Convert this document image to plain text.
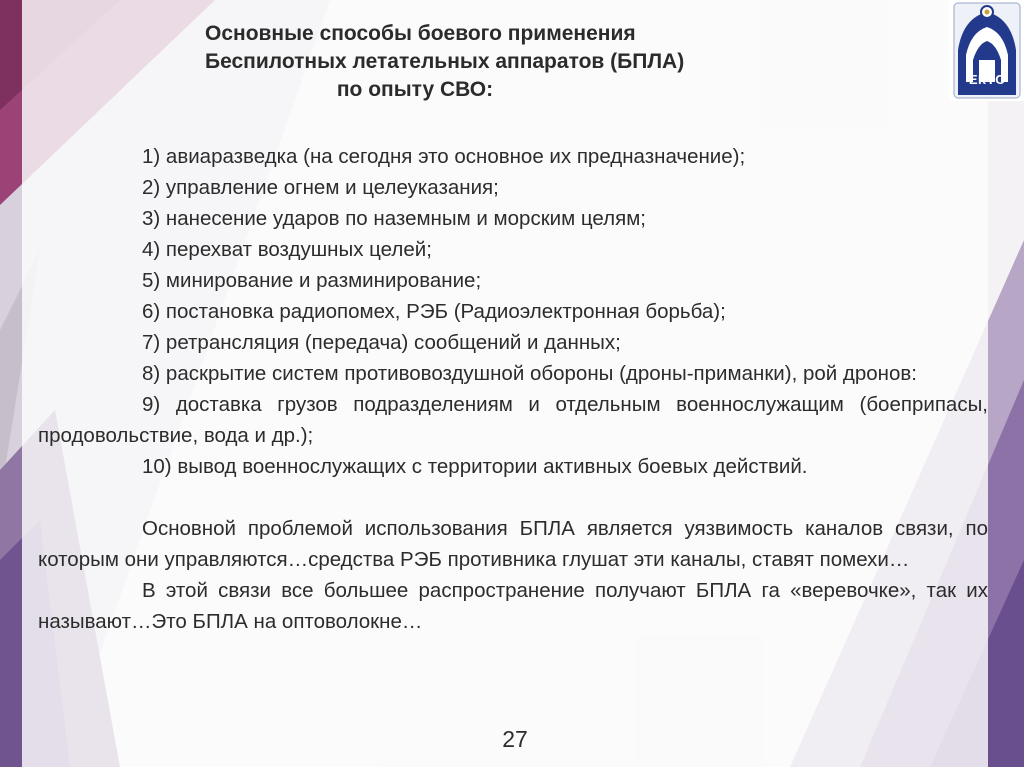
Основные способы боевого применения
Беспилотных летательных аппаратов (БПЛА)
по опыту СВО:	ЕКТС

1) авиаразведка (на сегодня это основное их предназначение);

2) управление огнем и целеуказания;

3) нанесение ударов по наземным и морским целям;

4) перехват воздушных целей;

5) минирование и разминирование;

6) постановка радиопомех, РЭБ (Радиоэлектронная борьба);

7) ретрансляция (передача) сообщений и данных;

8) раскрытие систем противовоздушной обороны (дроны-приманки), рой дронов:

9) доставка грузов подразделениям и отдельным военнослужащим (боеприпасы, продовольствие, вода и др.);

10) вывод военнослужащих с территории активных боевых действий.

Основной проблемой использования БПЛА является уязвимость каналов связи, по которым они управляются…средства РЭБ противника глушат эти каналы, ставят помехи…

В этой связи все большее распространение получают БПЛА га «веревочке», так их называют…Это БПЛА на оптоволокне…

27
